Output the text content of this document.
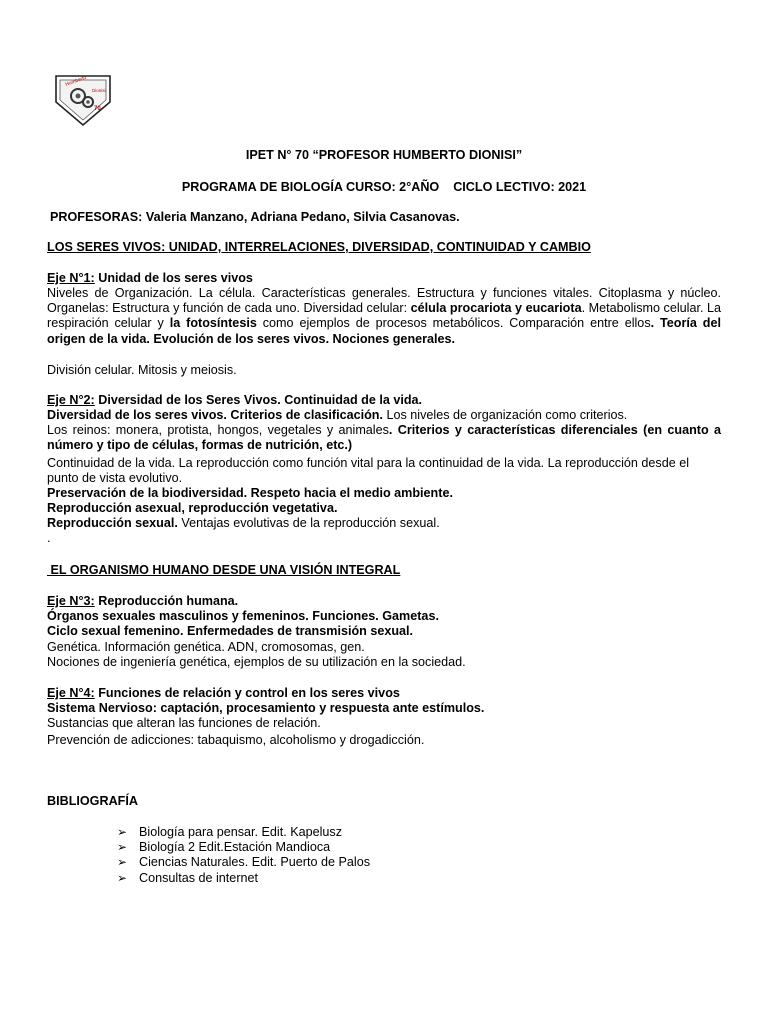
Humberto
Dionisi
70
IPET N° 70 “PROFESOR HUMBERTO DIONISI”
PROGRAMA DE BIOLOGÍA CURSO: 2°AÑO    CICLO LECTIVO: 2021
PROFESORAS: Valeria Manzano, Adriana Pedano, Silvia Casanovas.
LOS SERES VIVOS: UNIDAD, INTERRELACIONES, DIVERSIDAD, CONTINUIDAD Y CAMBIO
Eje N°1: Unidad de los seres vivos
Niveles de Organización. La célula. Características generales. Estructura y funciones vitales. Citoplasma y núcleo. Organelas: Estructura y función de cada uno. Diversidad celular: célula procariota y eucariota. Metabolismo celular. La respiración celular y la fotosíntesis como ejemplos de procesos metabólicos. Comparación entre ellos. Teoría del origen de la vida. Evolución de los seres vivos. Nociones generales.
División celular. Mitosis y meiosis.
Eje N°2: Diversidad de los Seres Vivos. Continuidad de la vida.
Diversidad de los seres vivos. Criterios de clasificación. Los niveles de organización como criterios.
Los reinos: monera, protista, hongos, vegetales y animales. Criterios y características diferenciales (en cuanto a número y tipo de células, formas de nutrición, etc.)
Continuidad de la vida. La reproducción como función vital para la continuidad de la vida. La reproducción desde el punto de vista evolutivo.
Preservación de la biodiversidad. Respeto hacia el medio ambiente.
Reproducción asexual, reproducción vegetativa.
Reproducción sexual. Ventajas evolutivas de la reproducción sexual.
.
EL ORGANISMO HUMANO DESDE UNA VISIÓN INTEGRAL
Eje N°3: Reproducción humana.
Órganos sexuales masculinos y femeninos. Funciones. Gametas.
Ciclo sexual femenino. Enfermedades de transmisión sexual.
Genética. Información genética. ADN, cromosomas, gen.
Nociones de ingeniería genética, ejemplos de su utilización en la sociedad.
Eje N°4: Funciones de relación y control en los seres vivos
Sistema Nervioso: captación, procesamiento y respuesta ante estímulos.
Sustancias que alteran las funciones de relación.
Prevención de adicciones: tabaquismo, alcoholismo y drogadicción.
BIBLIOGRAFÍA
➢ Biología para pensar. Edit. Kapelusz
➢ Biología 2 Edit.Estación Mandioca
➢ Ciencias Naturales. Edit. Puerto de Palos
➢ Consultas de internet
